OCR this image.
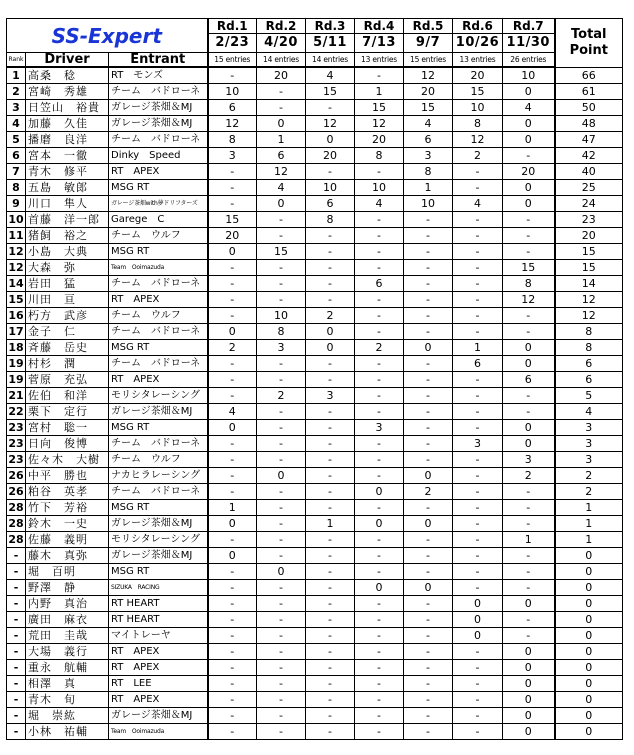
SS-Expert			Rd.1	Rd.2	Rd.3	Rd.4	Rd.5	Rd.6	Rd.7	Total
Point
			2/23	4/20	5/11	7/13	9/7	10/26	11/30	
Rank	Driver	Entrant	15 entries	14 entries	14 entries	13 entries	15 entries	13 entries	26 entries	
1	高桑　稔	RT　モンズ	-	20	4	-	12	20	10	66
2	宮崎　秀雄	チーム　バドローネ	10	-	15	1	20	15	0	61
3	日笠山　裕貴	ガレージ茶畑＆MJ	6	-	-	15	15	10	4	50
4	加藤　久佳	ガレージ茶畑＆MJ	12	0	12	12	4	8	0	48
5	播磨　良洋	チーム　バドローネ	8	1	0	20	6	12	0	47
6	宮本　一徹	Dinky　Speed	3	6	20	8	3	2	-	42
7	青木　修平	RT　APEX	-	12	-	-	8	-	20	40
8	五島　敏郎	MSG RT	-	4	10	10	1	-	0	25
9	川口　隼人	ガレージ茶畑with夢ドリフターズ	-	0	6	4	10	4	0	24
10	首藤　洋一郎	Garege　C	15	-	8	-	-	-	-	23
11	猪飼　裕之	チーム　ウルフ	20	-	-	-	-	-	-	20
12	小島　大典	MSG RT	0	15	-	-	-	-	-	15
12	大森　弥	Team　Ooimazuda	-	-	-	-	-	-	15	15
14	岩田　猛	チーム　バドローネ	-	-	-	6	-	-	8	14
15	川田　亘	RT　APEX	-	-	-	-	-	-	12	12
16	朽方　武彦	チーム　ウルフ	-	10	2	-	-	-	-	12
17	金子　仁	チーム　バドローネ	0	8	0	-	-	-	-	8
18	斉藤　岳史	MSG RT	2	3	0	2	0	1	0	8
19	村杉　潤	チーム　バドローネ	-	-	-	-	-	6	0	6
19	菅原　充弘	RT　APEX	-	-	-	-	-	-	6	6
21	佐伯　和洋	モリシタレーシング	-	2	3	-	-	-	-	5
22	栗下　定行	ガレージ茶畑＆MJ	4	-	-	-	-	-	-	4
23	宮村　聡一	MSG RT	0	-	-	3	-	-	0	3
23	日向　俊博	チーム　バドローネ	-	-	-	-	-	3	0	3
23	佐々木　大樹	チーム　ウルフ	-	-	-	-	-	-	3	3
26	中平　勝也	ナカヒラレーシング	-	0	-	-	0	-	2	2
26	粕谷　英孝	チーム　バドローネ	-	-	-	0	2	-	-	2
28	竹下　芳裕	MSG RT	1	-	-	-	-	-	-	1
28	鈴木　一史	ガレージ茶畑＆MJ	0	-	1	0	0	-	-	1
28	佐藤　義明	モリシタレーシング	-	-	-	-	-	-	1	1
-	藤木　真弥	ガレージ茶畑＆MJ	0	-	-	-	-	-	-	0
-	堀　百明	MSG RT	-	0	-	-	-	-	-	0
-	野澤　静	SIZUKA　RACING	-	-	-	0	0	-	-	0
-	内野　真治	RT HEART	-	-	-	-	-	0	0	0
-	廣田　麻衣	RT HEART	-	-	-	-	-	0	-	0
-	荒田　圭哉	マイトレーヤ	-	-	-	-	-	0	-	0
-	大場　義行	RT　APEX	-	-	-	-	-	-	0	0
-	重永　航輔	RT　APEX	-	-	-	-	-	-	0	0
-	相澤　真	RT　LEE	-	-	-	-	-	-	0	0
-	青木　旬	RT　APEX	-	-	-	-	-	-	0	0
-	堀　崇紘	ガレージ茶畑＆MJ	-	-	-	-	-	-	0	0
-	小林　祐輔	Team　Ooimazuda	-	-	-	-	-	-	0	0
